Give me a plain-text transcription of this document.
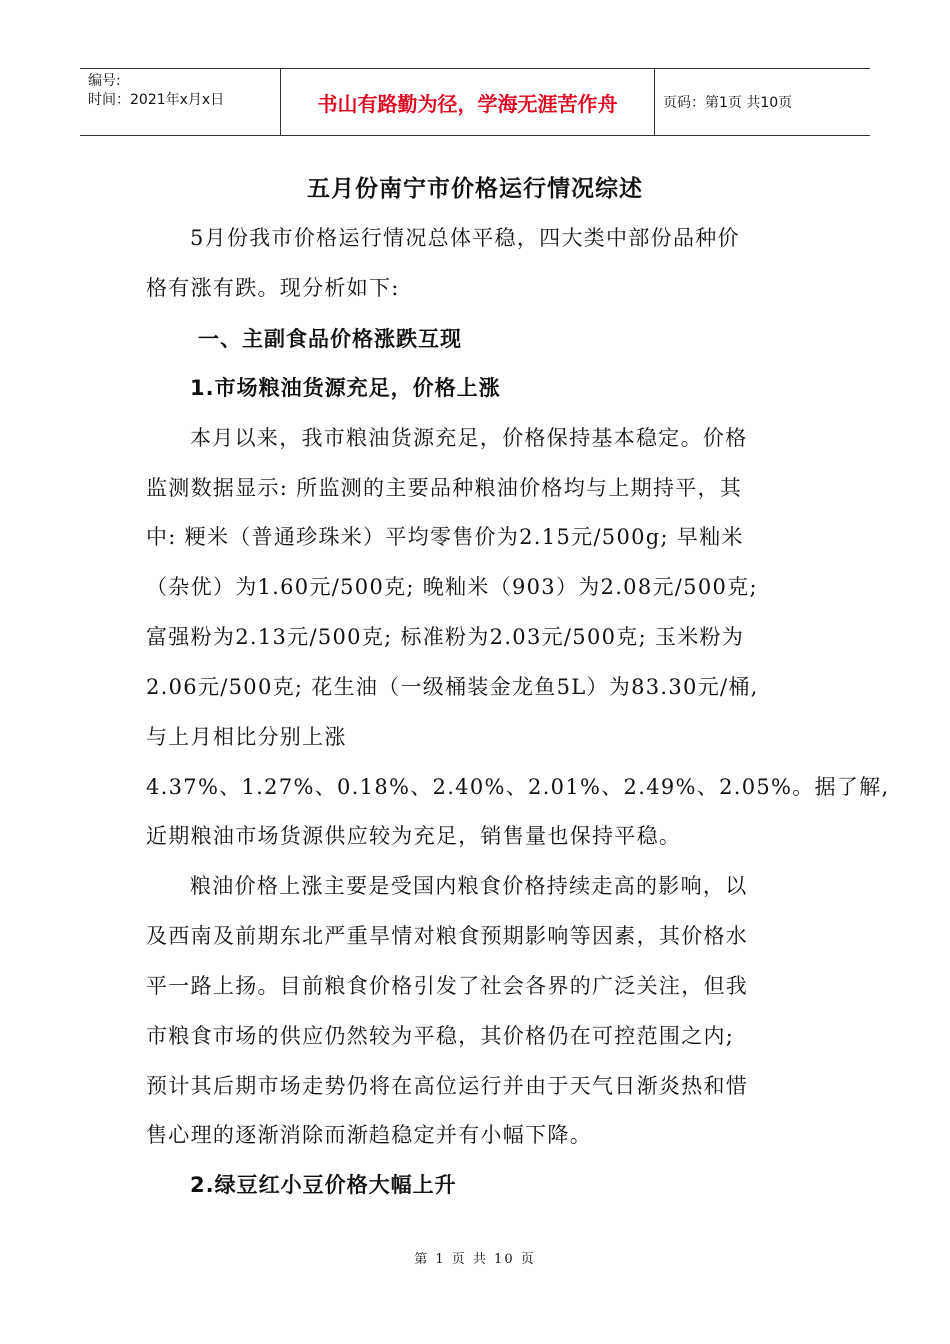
编号:
时间：2021年x月x日	书山有路勤为径，学海无涯苦作舟	页码：第1页 共10页
五月份南宁市价格运行情况综述
5月份我市价格运行情况总体平稳，四大类中部份品种价
格有涨有跌。现分析如下:
一、主副食品价格涨跌互现
1.市场粮油货源充足，价格上涨
本月以来，我市粮油货源充足，价格保持基本稳定。价格
监测数据显示: 所监测的主要品种粮油价格均与上期持平，其
中: 粳米（普通珍珠米）平均零售价为2.15元/500g; 早籼米
（杂优）为1.60元/500克; 晚籼米（903）为2.08元/500克;
富强粉为2.13元/500克; 标准粉为2.03元/500克; 玉米粉为
2.06元/500克; 花生油（一级桶装金龙鱼5L）为83.30元/桶,
与上月相比分别上涨
4.37%、1.27%、0.18%、2.40%、2.01%、2.49%、2.05%。据了解,
近期粮油市场货源供应较为充足，销售量也保持平稳。
粮油价格上涨主要是受国内粮食价格持续走高的影响，以
及西南及前期东北严重旱情对粮食预期影响等因素，其价格水
平一路上扬。目前粮食价格引发了社会各界的广泛关注，但我
市粮食市场的供应仍然较为平稳，其价格仍在可控范围之内;
预计其后期市场走势仍将在高位运行并由于天气日渐炎热和惜
售心理的逐渐消除而渐趋稳定并有小幅下降。
2.绿豆红小豆价格大幅上升
第 1 页 共 10 页
